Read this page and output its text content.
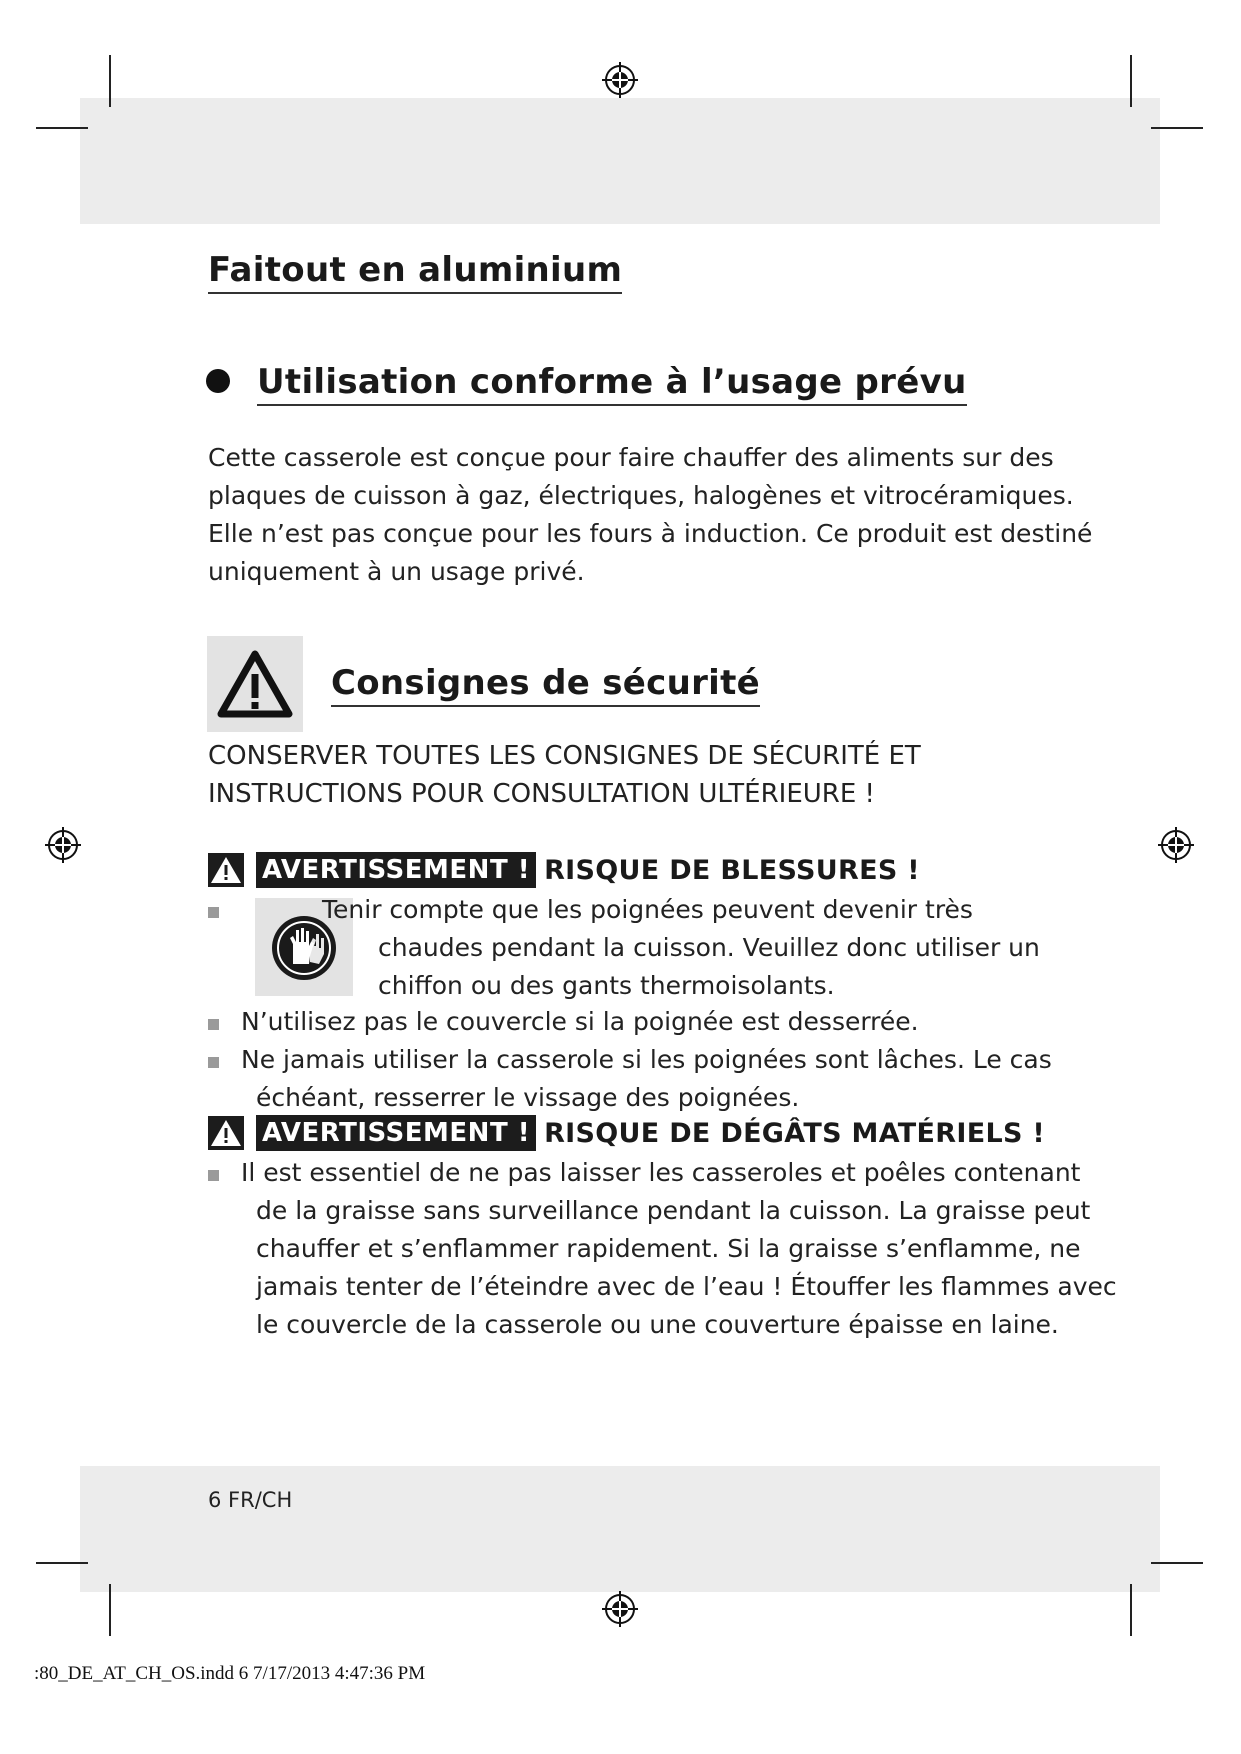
Faitout en aluminium
Utilisation conforme à l’usage prévu
Cette casserole est conçue pour faire chauffer des aliments sur des
plaques de cuisson à gaz, électriques, halogènes et vitrocéramiques.
Elle n’est pas conçue pour les fours à induction. Ce produit est destiné
uniquement à un usage privé.
Consignes de sécurité
CONSERVER TOUTES LES CONSIGNES DE SÉCURITÉ ET
INSTRUCTIONS POUR CONSULTATION ULTÉRIEURE !
AVERTISSEMENT ! RISQUE DE BLESSURES !
Tenir compte que les poignées peuvent devenir très
chaudes pendant la cuisson. Veuillez donc utiliser un
chiffon ou des gants thermoisolants.
N’utilisez pas le couvercle si la poignée est desserrée.
Ne jamais utiliser la casserole si les poignées sont lâches. Le cas
échéant, resserrer le vissage des poignées.
AVERTISSEMENT ! RISQUE DE DÉGÂTS MATÉRIELS !
Il est essentiel de ne pas laisser les casseroles et poêles contenant
de la graisse sans surveillance pendant la cuisson. La graisse peut
chauffer et s’enflammer rapidement. Si la graisse s’enflamme, ne
jamais tenter de l’éteindre avec de l’eau ! Étouffer les flammes avec
le couvercle de la casserole ou une couverture épaisse en laine.
6 FR/CH
:80_DE_AT_CH_OS.indd 6 7/17/2013 4:47:36 PM
